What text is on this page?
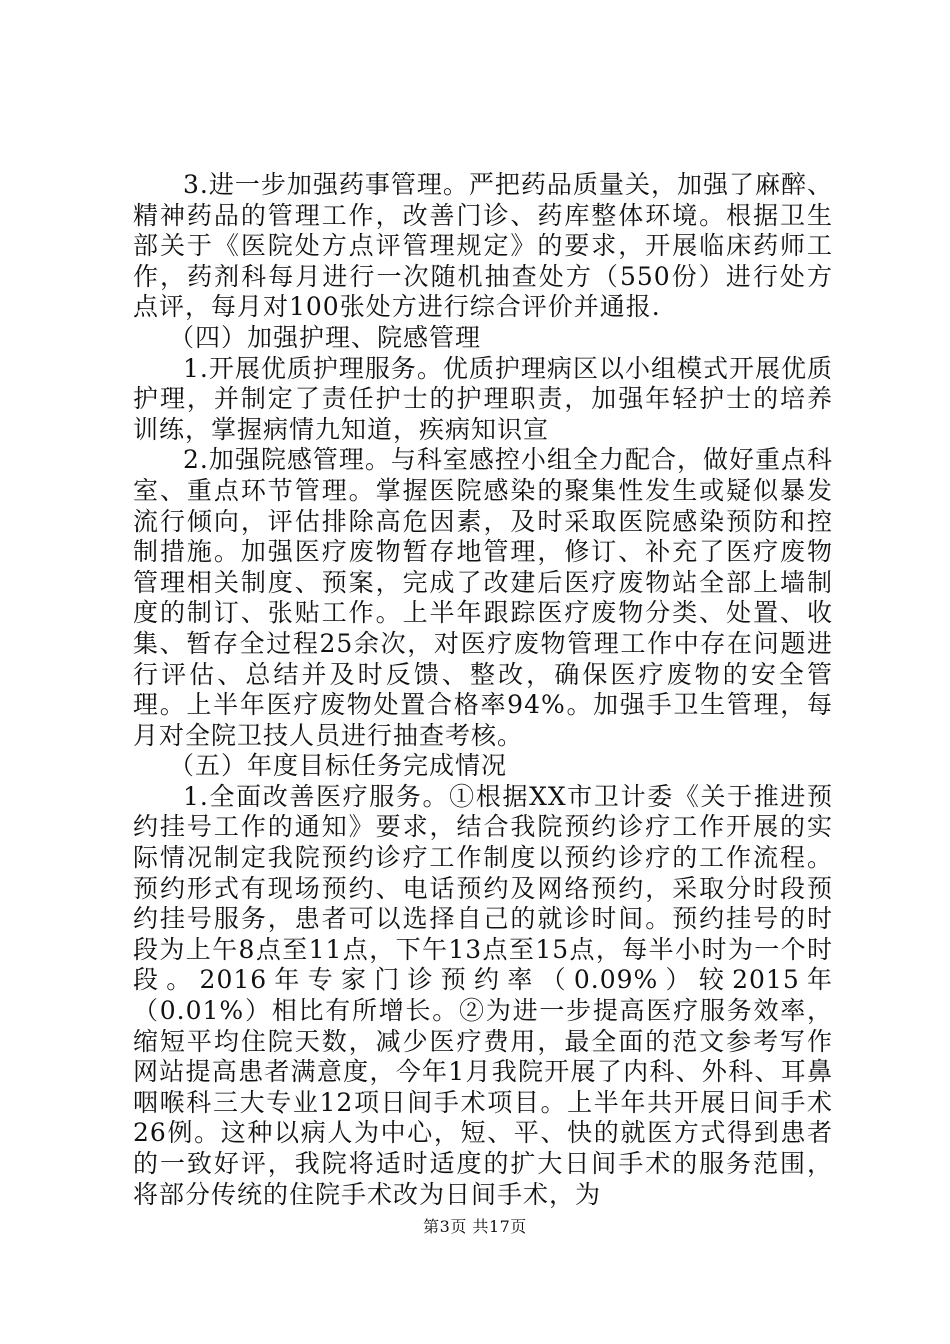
3.进一步加强药事管理。严把药品质量关，加强了麻醉、精神药品的管理工作，改善门诊、药库整体环境。根据卫生部关于《医院处方点评管理规定》的要求，开展临床药师工作，药剂科每月进行一次随机抽查处方（550份）进行处方点评，每月对100张处方进行综合评价并通报.

（四）加强护理、院感管理

1.开展优质护理服务。优质护理病区以小组模式开展优质护理，并制定了责任护士的护理职责，加强年轻护士的培养训练，掌握病情九知道，疾病知识宣

2.加强院感管理。与科室感控小组全力配合，做好重点科室、重点环节管理。掌握医院感染的聚集性发生或疑似暴发流行倾向，评估排除高危因素，及时采取医院感染预防和控制措施。加强医疗废物暂存地管理，修订、补充了医疗废物管理相关制度、预案，完成了改建后医疗废物站全部上墙制度的制订、张贴工作。上半年跟踪医疗废物分类、处置、收集、暂存全过程25余次，对医疗废物管理工作中存在问题进行评估、总结并及时反馈、整改，确保医疗废物的安全管理。上半年医疗废物处置合格率94%。加强手卫生管理，每月对全院卫技人员进行抽查考核。

（五）年度目标任务完成情况

1.全面改善医疗服务。①根据XX市卫计委《关于推进预约挂号工作的通知》要求，结合我院预约诊疗工作开展的实际情况制定我院预约诊疗工作制度以预约诊疗的工作流程。预约形式有现场预约、电话预约及网络预约，采取分时段预约挂号服务，患者可以选择自己的就诊时间。预约挂号的时段为上午8点至11点，下午13点至15点，每半小时为一个时段。2016年专家门诊预约率（0.09%）较2015年（0.01%）相比有所增长。②为进一步提高医疗服务效率，缩短平均住院天数，减少医疗费用，最全面的范文参考写作网站提高患者满意度，今年1月我院开展了内科、外科、耳鼻咽喉科三大专业12项日间手术项目。上半年共开展日间手术26例。这种以病人为中心，短、平、快的就医方式得到患者的一致好评，我院将适时适度的扩大日间手术的服务范围，将部分传统的住院手术改为日间手术，为

第3页 共17页
